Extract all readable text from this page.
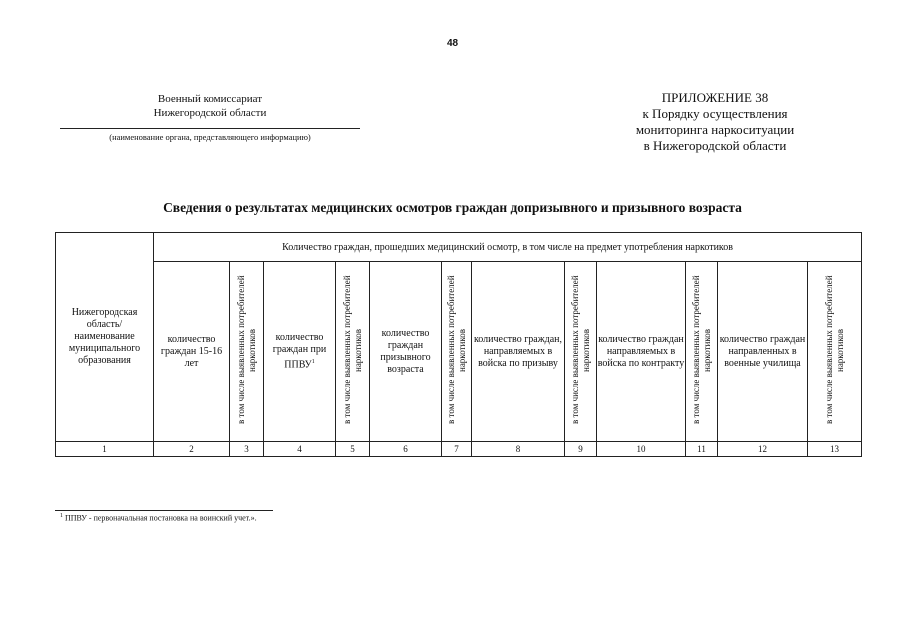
48
Военный комиссариат
Нижегородской области
(наименование органа, представляющего информацию)
ПРИЛОЖЕНИЕ 38
к Порядку осуществления
мониторинга наркоситуации
в Нижегородской области
Сведения о результатах медицинских осмотров граждан допризывного и призывного возраста
Нижегородская область/ наименование муниципального образования	Количество граждан, прошедших медицинский осмотр, в том числе на предмет употребления наркотиков											
	количество граждан 15-16 лет	в том числе выявленных потребителей наркотиков	количество граждан при ППВУ$^1$	в том числе выявленных потребителей наркотиков	количество граждан призывного возраста	в том числе выявленных потребителей наркотиков	количество граждан, направляемых в войска по призыву	в том числе выявленных потребителей наркотиков	количество граждан направляемых в войска по контракту	в том числе выявленных потребителей наркотиков	количество граждан направленных в военные училища	в том числе выявленных потребителей наркотиков
1	2	3	4	5	6	7	8	9	10	11	12	13
$^1$ ППВУ - первоначальная постановка на воинский учет.».
